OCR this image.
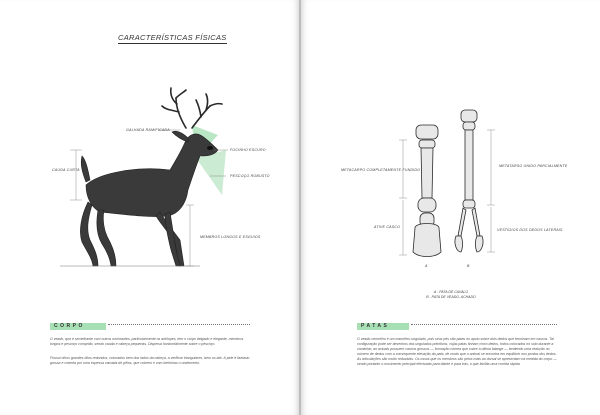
CARACTERÍSTICAS FÍSICAS
GALHADA RAMIFICADA
FOCINHO ESCURO
PESCOÇO ROBUSTO
CAUDA CURTA
MEMBROS LONGOS E ESGUIOS
CORPO
O veado, que é semelhante com outros ruminantes, particularmente os antílopes, tem o corpo delgado e elegante, membros longos e pescoço comprido, sendo cauda e cabeça pequenas. Dispersa horizontalmente sobre o pescoço.
Possui olhos grandes bilos redondos, colocados bem dos lados da cabeça, a verificar triangulares, bem os ativ. A pele é fantasio grossa e coberta por uma espessa camada de pêlos, que cobrem e com beirinhas o ondemento.
METACARPO COMPLETAMENTE FUNDIDO
ATIVE CASCO
METATARSO UNIDO PARCIALMENTE
VESTÍGIOS DOS DEDOS LATERAIS
A	B
A - PATA DE CAVALO
B - PATA DE VEADO, ACHADO
PATAS
O veado-vermelho é um mamífero ungulado, pois seus pés são patas no apoio sobre dois dedos que terminam em cascos. Tal configuração pode ser desenhos dos ungulados primitivos, cujas patas tinham cinco dedos, todos colocados no solo durante a caminhar, ao actuais possuem cascos grossos — formação córnea que cobre a última falange — tendendo uma redução no número de dedos com a consequente elevação da pata, de modo que o animal se encontra em equilíbrio nos pontas dos dedos. As articulações são muito reduzidas. Os ossos que os membros são pelos mais ao dorsal se apresentam na medida do corpo — sendo portanto o movimento principal efectuado para diante e para trás, o que facilita uma corrida rápida.
